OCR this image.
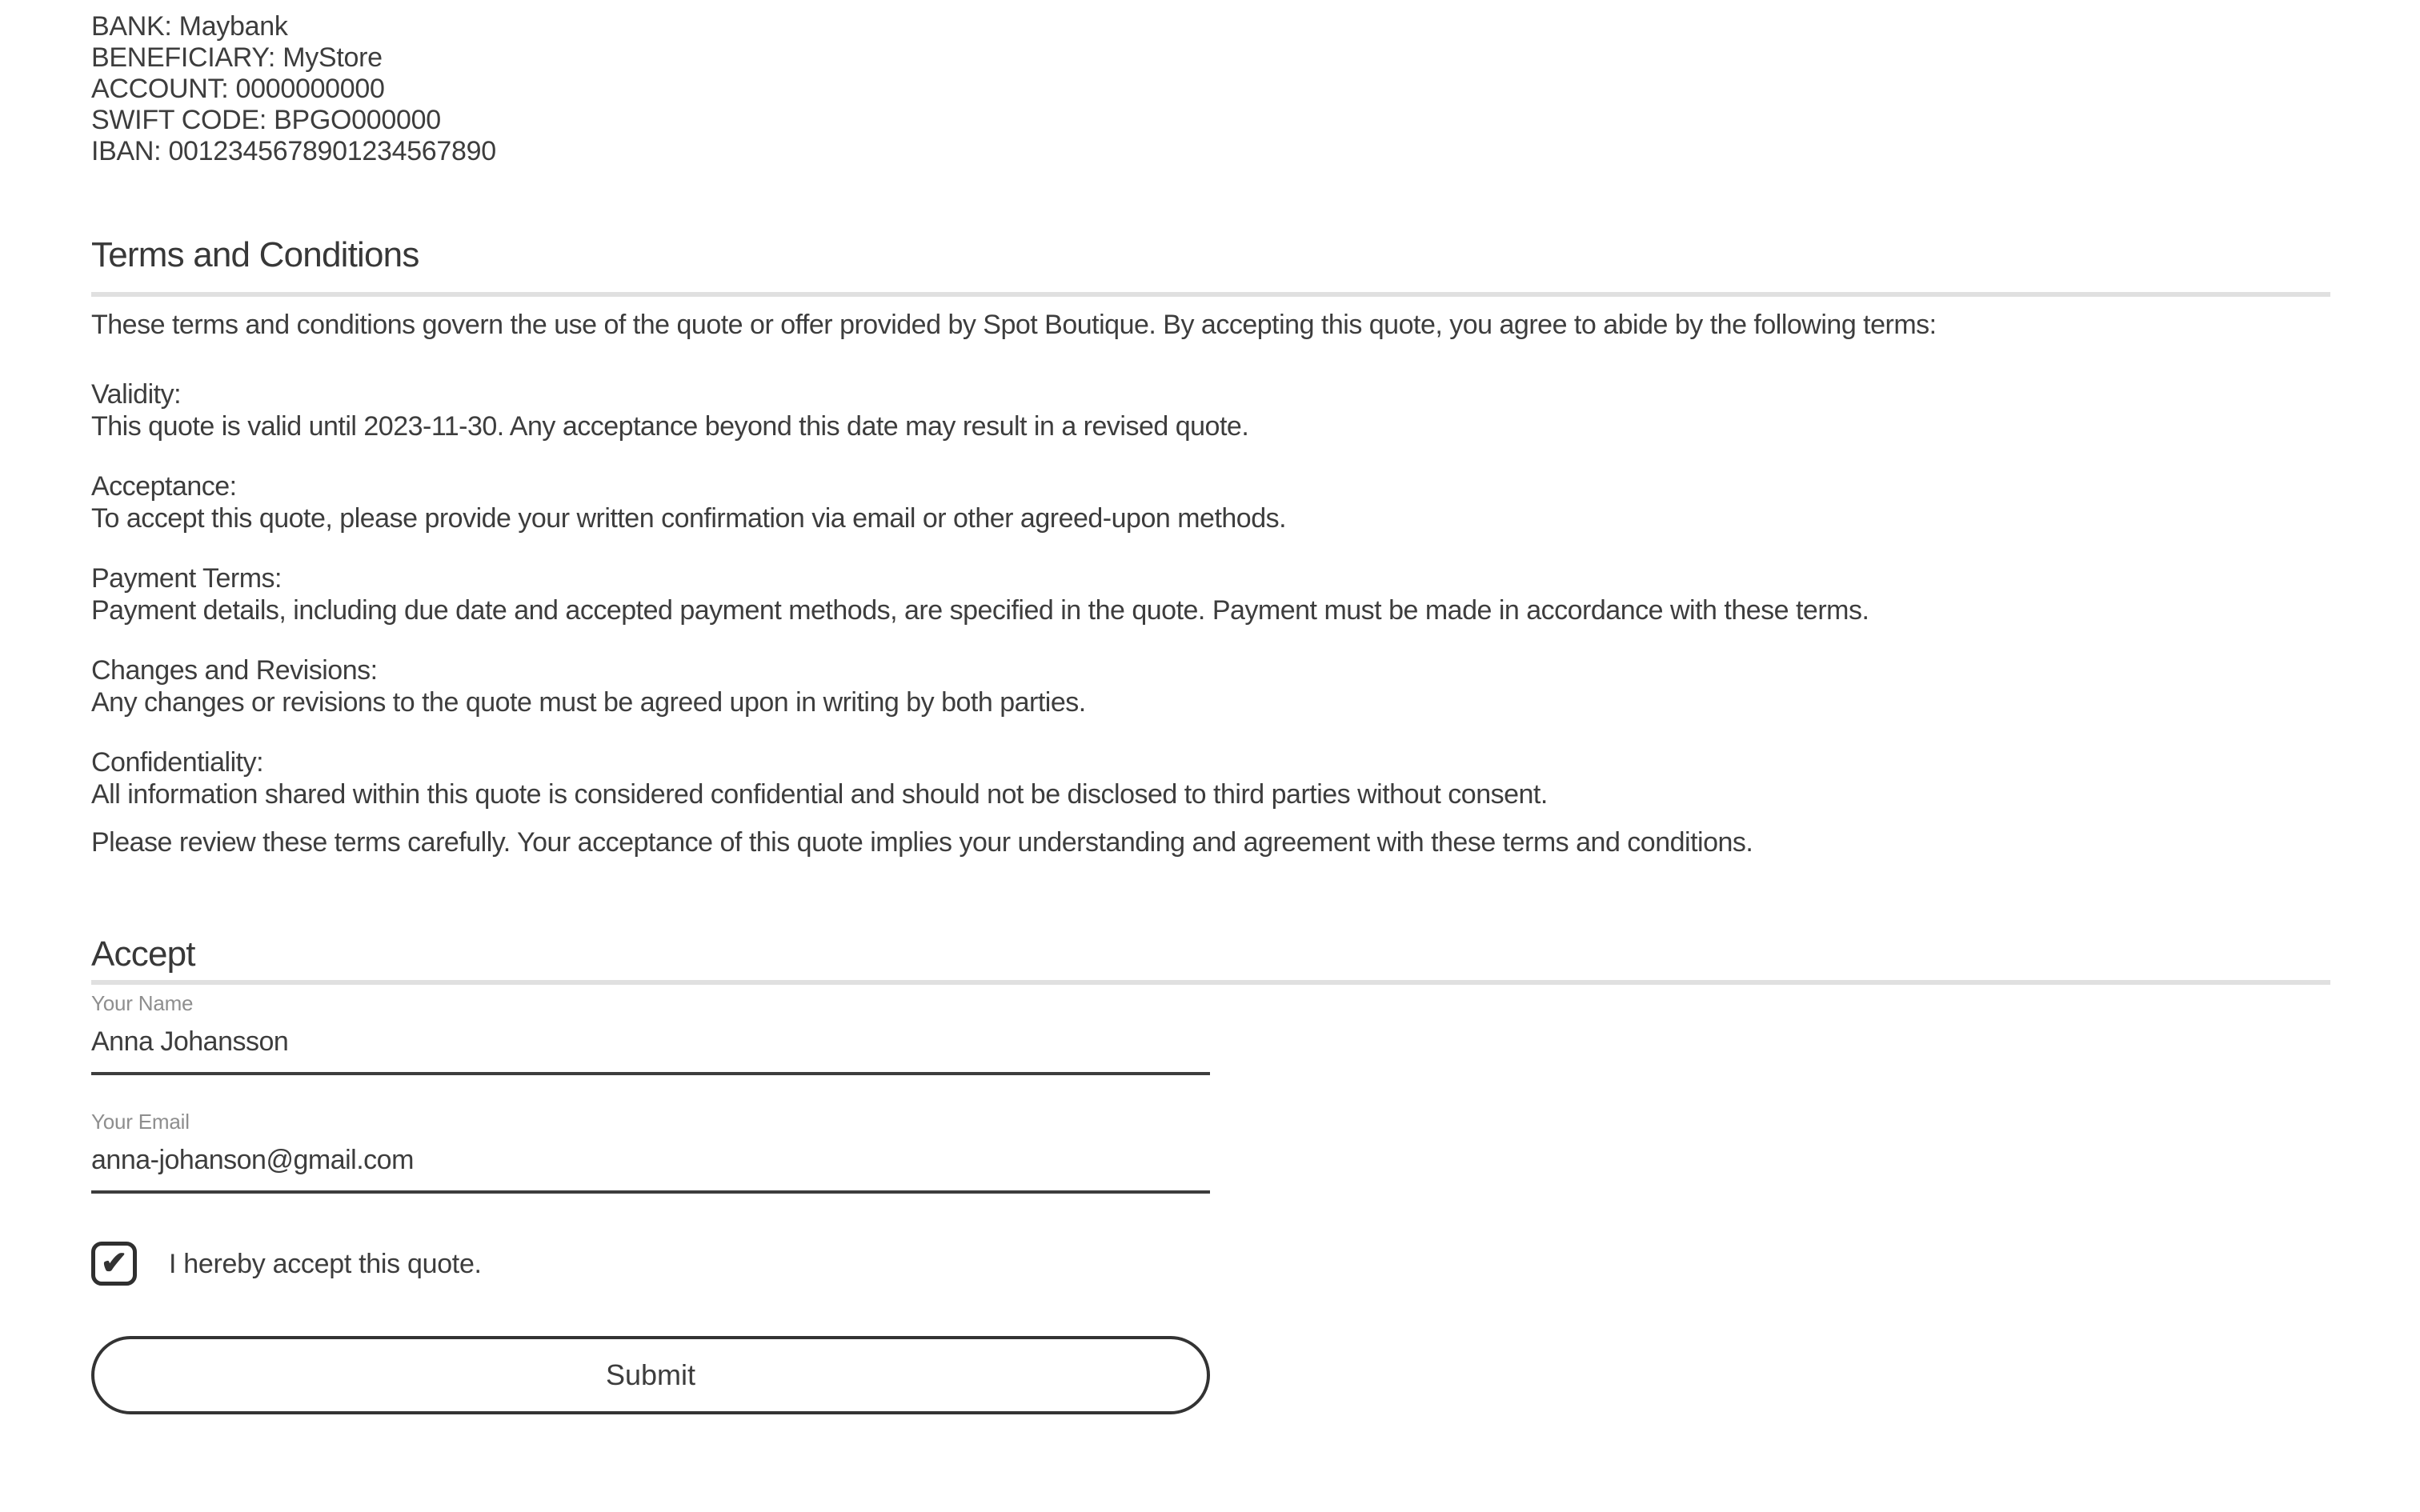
BANK: Maybank
BENEFICIARY: MyStore
ACCOUNT: 0000000000
SWIFT CODE: BPGO000000
IBAN: 0012345678901234567890
Terms and Conditions

These terms and conditions govern the use of the quote or offer provided by Spot Boutique. By accepting this quote, you agree to abide by the following terms:

Validity:
This quote is valid until 2023-11-30. Any acceptance beyond this date may result in a revised quote.
Acceptance:
To accept this quote, please provide your written confirmation via email or other agreed-upon methods.
Payment Terms:
Payment details, including due date and accepted payment methods, are specified in the quote. Payment must be made in accordance with these terms.
Changes and Revisions:
Any changes or revisions to the quote must be agreed upon in writing by both parties.
Confidentiality:
All information shared within this quote is considered confidential and should not be disclosed to third parties without consent.

Please review these terms carefully. Your acceptance of this quote implies your understanding and agreement with these terms and conditions.

Accept
Your Name
Anna Johansson
Your Email
anna-johanson@gmail.com
✔ I hereby accept this quote.
Submit
